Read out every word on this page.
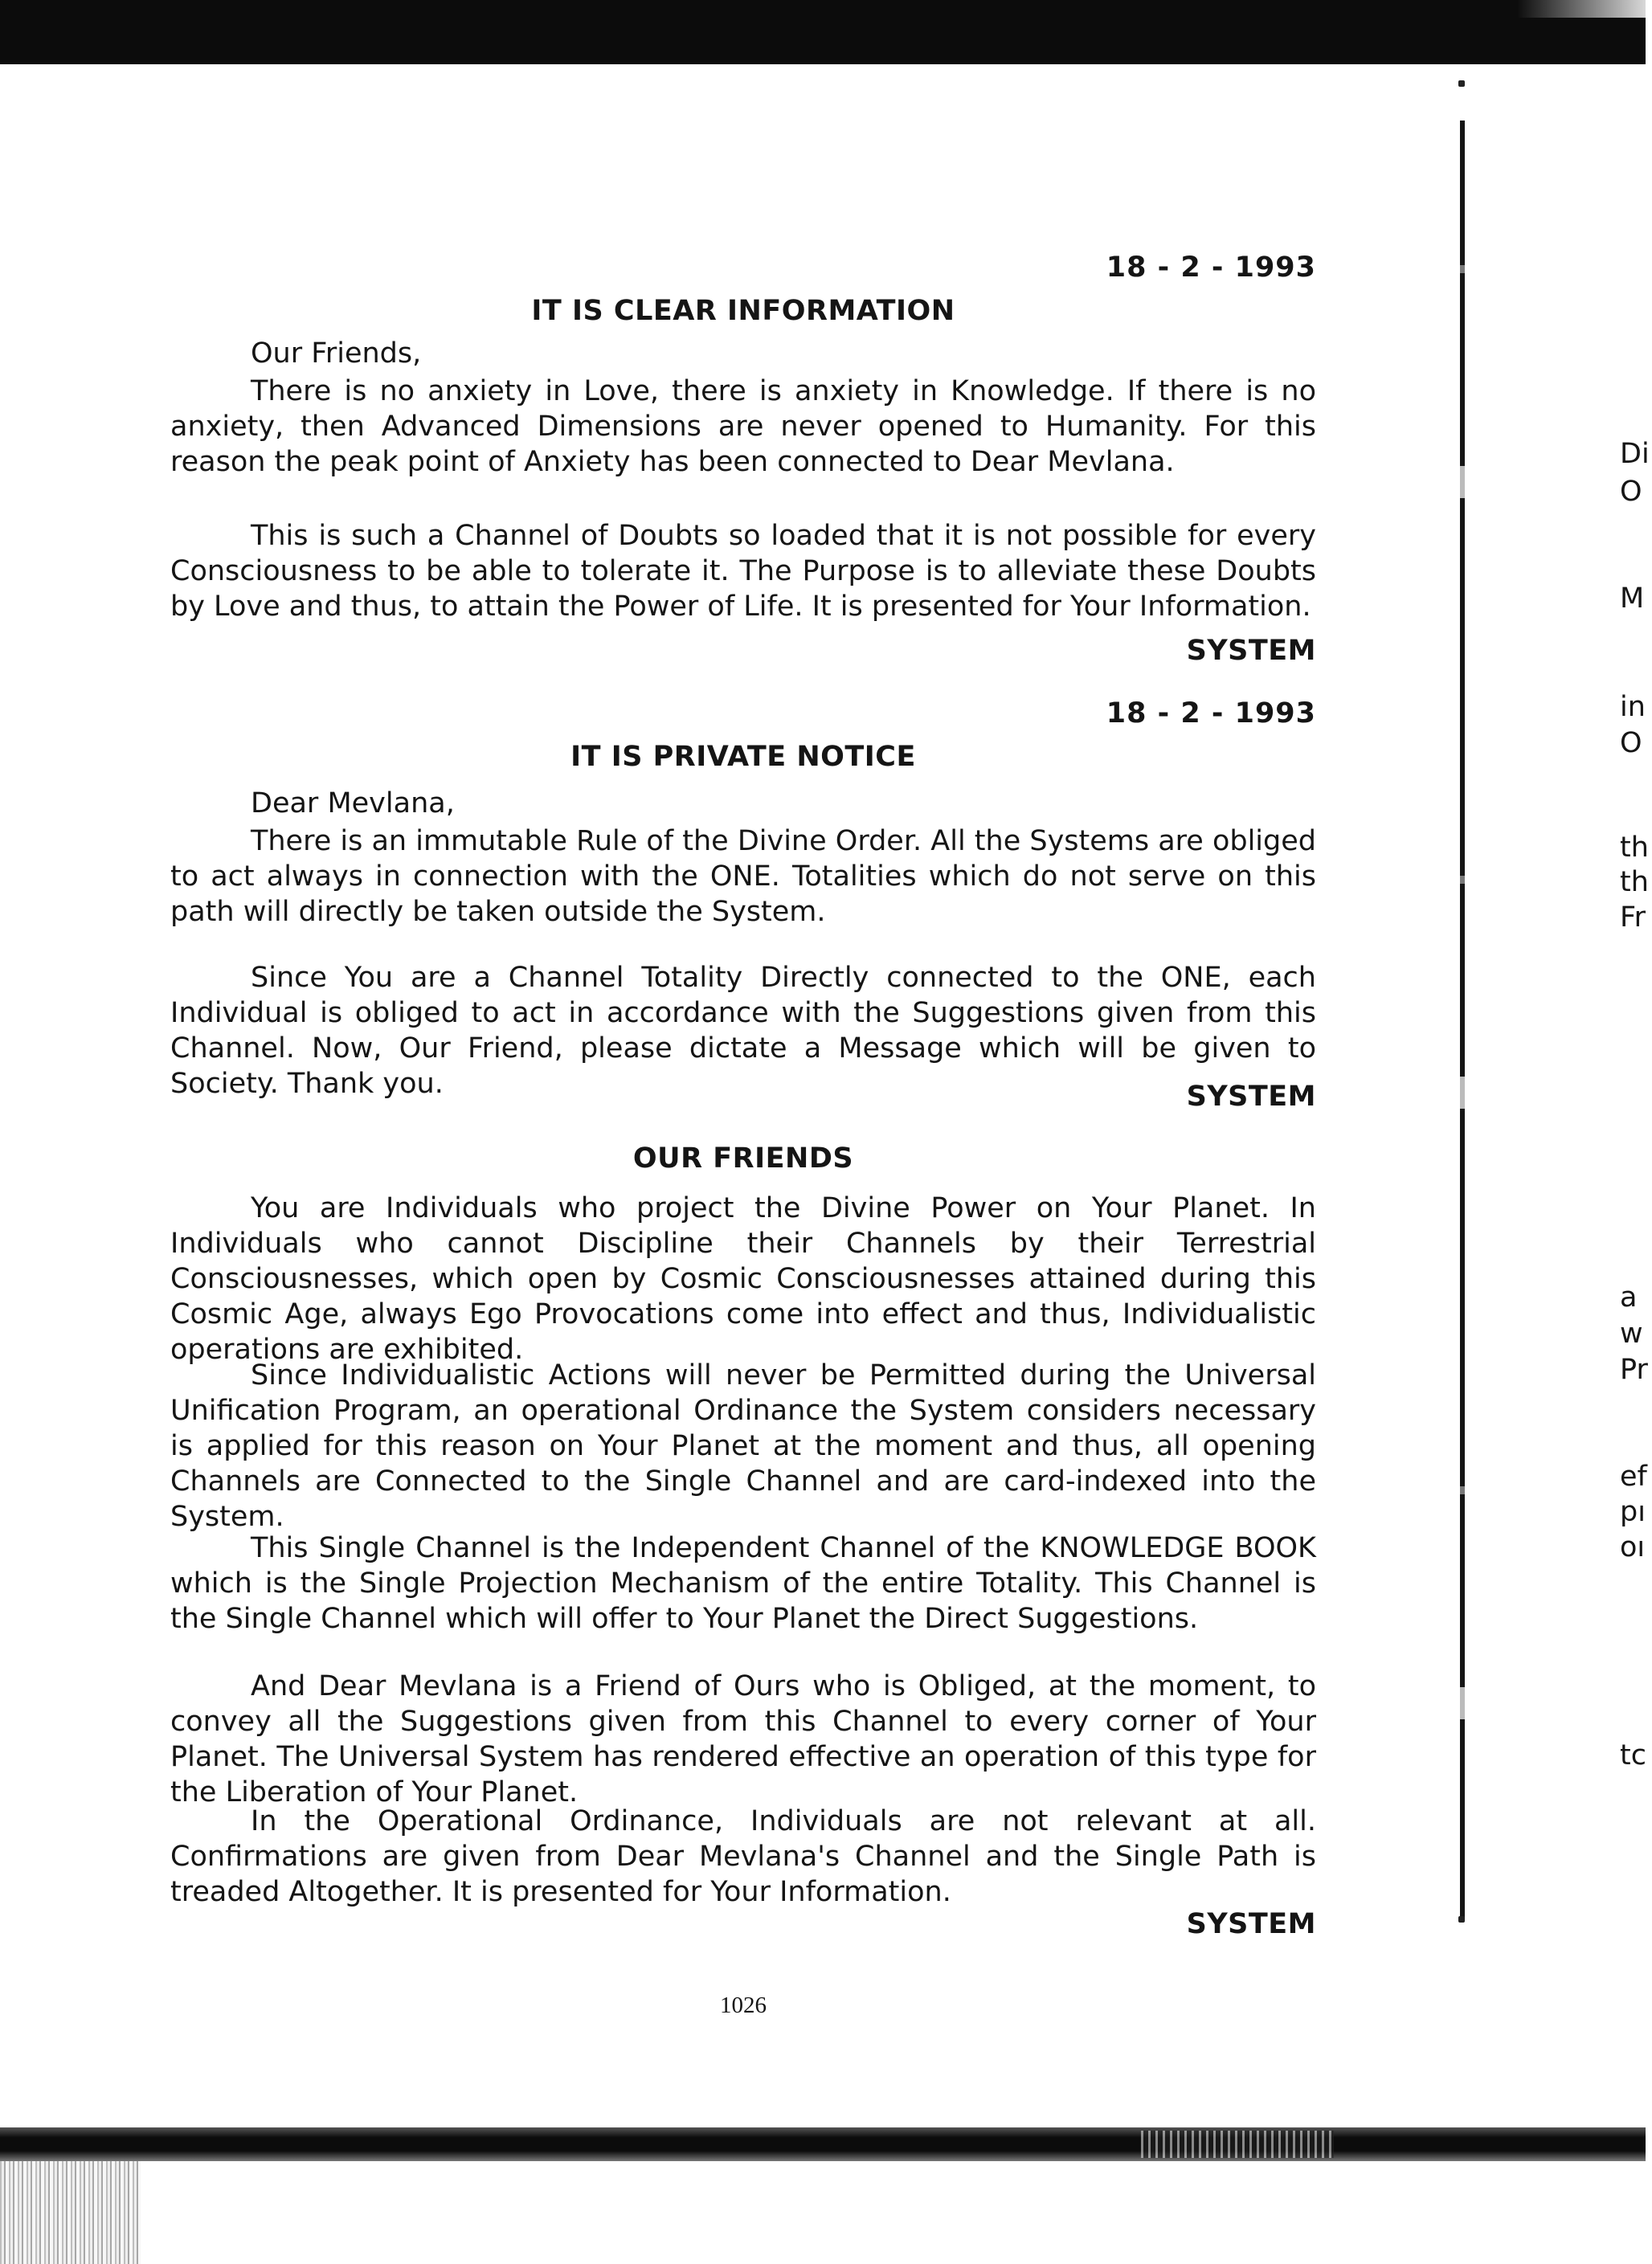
18 - 2 - 1993
IT IS CLEAR INFORMATION
Our Friends,

There is no anxiety in Love, there is anxiety in Knowledge. If there is no anxiety, then Advanced Dimensions are never opened to Humanity. For this reason the peak point of Anxiety has been connected to Dear Mevlana.

This is such a Channel of Doubts so loaded that it is not possible for every Consciousness to be able to tolerate it. The Purpose is to alleviate these Doubts by Love and thus, to attain the Power of Life. It is presented for Your Information.

SYSTEM
18 - 2 - 1993
IT IS PRIVATE NOTICE
Dear Mevlana,

There is an immutable Rule of the Divine Order. All the Systems are obliged to act always in connection with the ONE. Totalities which do not serve on this path will directly be taken outside the System.

Since You are a Channel Totality Directly connected to the ONE, each Individual is obliged to act in accordance with the Suggestions given from this Channel. Now, Our Friend, please dictate a Message which will be given to Society. Thank you.	SYSTEM
OUR FRIENDS

You are Individuals who project the Divine Power on Your Planet. In Individuals who cannot Discipline their Channels by their Terrestrial Consciousnesses, which open by Cosmic Consciousnesses attained during this Cosmic Age, always Ego Provocations come into effect and thus, Individualistic operations are exhibited.

Since Individualistic Actions will never be Permitted during the Universal Unification Program, an operational Ordinance the System considers necessary is applied for this reason on Your Planet at the moment and thus, all opening Channels are Connected to the Single Channel and are card-indexed into the System.

This Single Channel is the Independent Channel of the KNOWLEDGE BOOK which is the Single Projection Mechanism of the entire Totality. This Channel is the Single Channel which will offer to Your Planet the Direct Suggestions.

And Dear Mevlana is a Friend of Ours who is Obliged, at the moment, to convey all the Suggestions given from this Channel to every corner of Your Planet. The Universal System has rendered effective an operation of this type for the Liberation of Your Planet.

In the Operational Ordinance, Individuals are not relevant at all. Confirmations are given from Dear Mevlana's Channel and the Single Path is treaded Altogether. It is presented for Your Information.

SYSTEM
1026
Di
O
M
in
O
th
th
Fr
a
w
Pr
ef
pı
oı
tc
